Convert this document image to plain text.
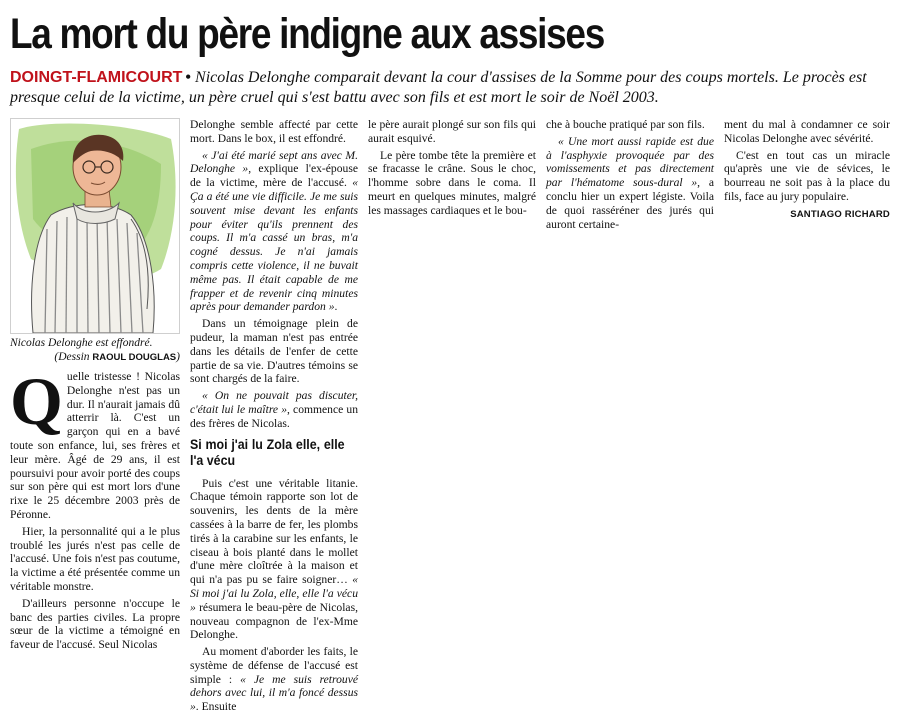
La mort du père indigne aux assises
DOINGT-FLAMICOURT • Nicolas Delonghe comparait devant la cour d'assises de la Somme pour des coups mortels. Le procès est presque celui de la victime, un père cruel qui s'est battu avec son fils et est mort le soir de Noël 2003.
Nicolas Delonghe est effondré.
(Dessin RAOUL DOUGLAS)

Quelle tristesse ! Nicolas Delonghe n'est pas un dur. Il n'aurait jamais dû atterrir là. C'est un garçon qui en a bavé toute son enfance, lui, ses frères et leur mère. Âgé de 29 ans, il est poursuivi pour avoir porté des coups sur son père qui est mort lors d'une rixe le 25 décembre 2003 près de Péronne.

Hier, la personnalité qui a le plus troublé les jurés n'est pas celle de l'accusé. Une fois n'est pas coutume, la victime a été présentée comme un véritable monstre.

D'ailleurs personne n'occupe le banc des parties civiles. La propre sœur de la victime a témoigné en faveur de l'accusé. Seul Nicolas

Delonghe semble affecté par cette mort. Dans le box, il est effondré.

« J'ai été marié sept ans avec M. Delonghe », explique l'ex-épouse de la victime, mère de l'accusé. « Ça a été une vie difficile. Je me suis souvent mise devant les enfants pour éviter qu'ils prennent des coups. Il m'a cassé un bras, m'a cogné dessus. Je n'ai jamais compris cette violence, il ne buvait même pas. Il était capable de me frapper et de revenir cinq minutes après pour demander pardon ».

Dans un témoignage plein de pudeur, la maman n'est pas entrée dans les détails de l'enfer de cette partie de sa vie. D'autres témoins se sont chargés de la faire.

« On ne pouvait pas discuter, c'était lui le maître », commence un des frères de Nicolas.

Si moi j'ai lu Zola elle, elle l'a vécu

Puis c'est une véritable litanie. Chaque témoin rapporte son lot de souvenirs, les dents de la mère cassées à la barre de fer, les plombs tirés à la carabine sur les enfants, le ciseau à bois planté dans le mollet d'une mère cloîtrée à la maison et qui n'a pas pu se faire soigner… « Si moi j'ai lu Zola, elle, elle l'a vécu » résumera le beau-père de Nicolas, nouveau compagnon de l'ex-Mme Delonghe.

Au moment d'aborder les faits, le système de défense de l'accusé est simple : « Je me suis retrouvé dehors avec lui, il m'a foncé dessus ». Ensuite

le père aurait plongé sur son fils qui aurait esquivé.

Le père tombe tête la première et se fracasse le crâne. Sous le choc, l'homme sobre dans le coma. Il meurt en quelques minutes, malgré les massages cardiaques et le bou-

che à bouche pratiqué par son fils.

« Une mort aussi rapide est due à l'asphyxie provoquée par des vomissements et pas directement par l'hématome sous-dural », a conclu hier un expert légiste. Voila de quoi rasséréner des jurés qui auront certaine-

ment du mal à condamner ce soir Nicolas Delonghe avec sévérité.

C'est en tout cas un miracle qu'après une vie de sévices, le bourreau ne soit pas à la place du fils, face au jury populaire.

SANTIAGO RICHARD
